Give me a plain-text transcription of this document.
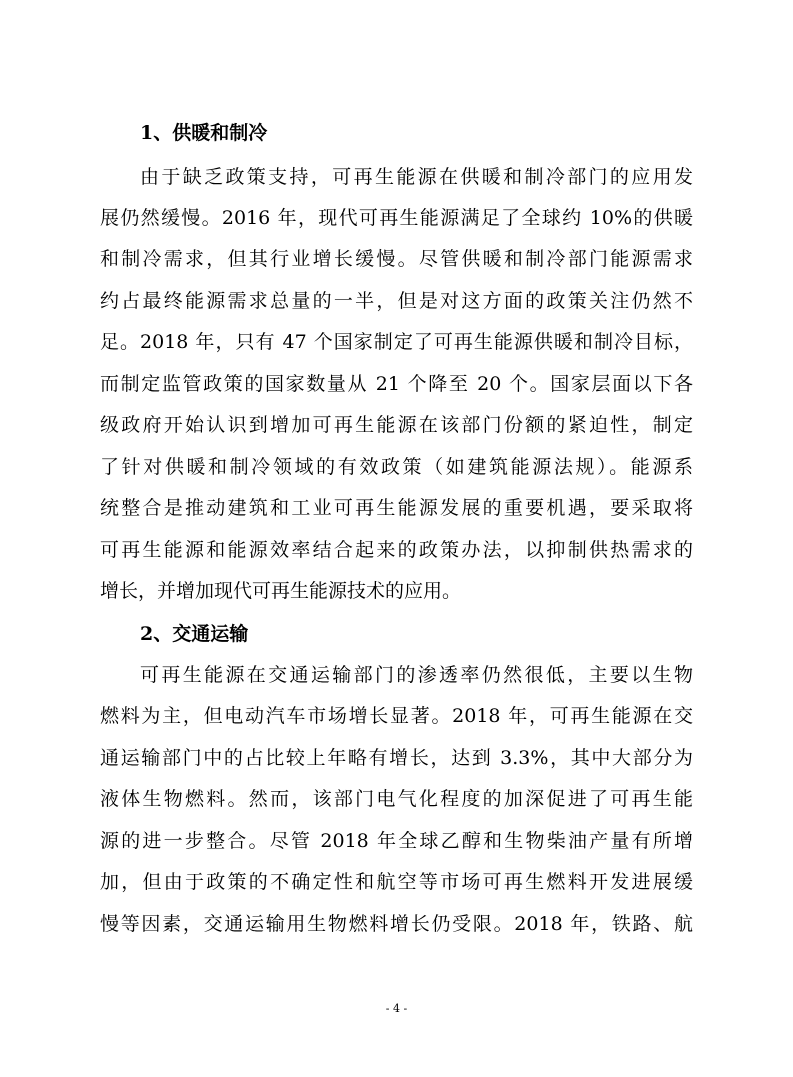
1、供暖和制冷
由于缺乏政策支持，可再生能源在供暖和制冷部门的应用发
展仍然缓慢。2016 年，现代可再生能源满足了全球约 10%的供暖
和制冷需求，但其行业增长缓慢。尽管供暖和制冷部门能源需求
约占最终能源需求总量的一半，但是对这方面的政策关注仍然不
足。2018 年，只有 47 个国家制定了可再生能源供暖和制冷目标，
而制定监管政策的国家数量从 21 个降至 20 个。国家层面以下各
级政府开始认识到增加可再生能源在该部门份额的紧迫性，制定
了针对供暖和制冷领域的有效政策（如建筑能源法规）。能源系
统整合是推动建筑和工业可再生能源发展的重要机遇，要采取将
可再生能源和能源效率结合起来的政策办法，以抑制供热需求的
增长，并增加现代可再生能源技术的应用。
2、交通运输
可再生能源在交通运输部门的渗透率仍然很低，主要以生物
燃料为主，但电动汽车市场增长显著。2018 年，可再生能源在交
通运输部门中的占比较上年略有增长，达到 3.3%，其中大部分为
液体生物燃料。然而，该部门电气化程度的加深促进了可再生能
源的进一步整合。尽管 2018 年全球乙醇和生物柴油产量有所增
加，但由于政策的不确定性和航空等市场可再生燃料开发进展缓
慢等因素，交通运输用生物燃料增长仍受限。2018 年，铁路、航
- 4 -
